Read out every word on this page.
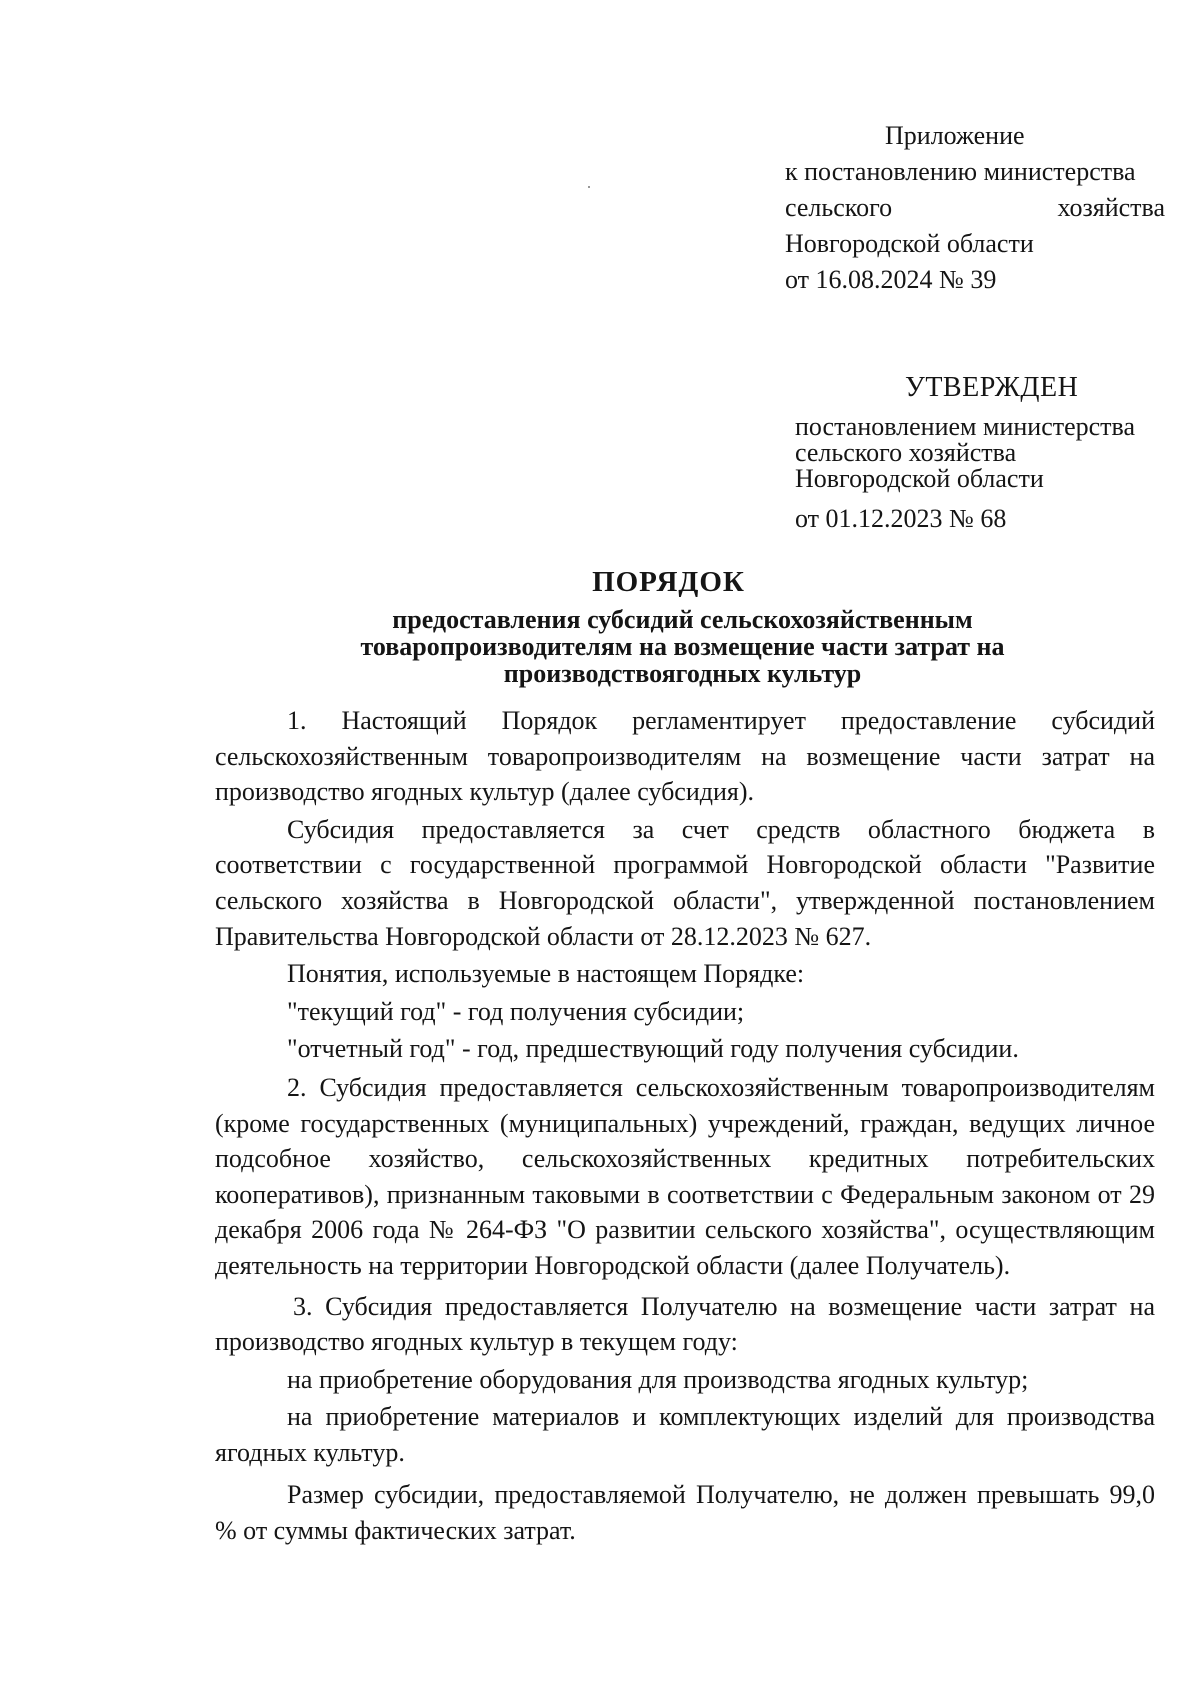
Приложение
к постановлению министерства
сельского	хозяйства
Новгородской области
от 16.08.2024 № 39
УТВЕРЖДЕН
постановлением министерства
сельского хозяйства
Новгородской области
от 01.12.2023 № 68
ПОРЯДОК
предоставления субсидий сельскохозяйственным
товаропроизводителям на возмещение части затрат на
производствоягодных культур

1. Настоящий Порядок регламентирует предоставление субсидий сельскохозяйственным товаропроизводителям на возмещение части затрат на производство ягодных культур (далее субсидия).

Субсидия предоставляется за счет средств областного бюджета в соответствии с государственной программой Новгородской области "Развитие сельского хозяйства в Новгородской области", утвержденной постановлением Правительства Новгородской области от 28.12.2023 № 627.

Понятия, используемые в настоящем Порядке:

"текущий год" - год получения субсидии;

"отчетный год" - год, предшествующий году получения субсидии.

2. Субсидия предоставляется сельскохозяйственным товаропроизводителям (кроме государственных (муниципальных) учреждений, граждан, ведущих личное подсобное хозяйство, сельскохозяйственных кредитных потребительских кооперативов), признанным таковыми в соответствии с Федеральным законом от 29 декабря 2006 года № 264-ФЗ "О развитии сельского хозяйства", осуществляющим деятельность на территории Новгородской области (далее Получатель).

3. Субсидия предоставляется Получателю на возмещение части затрат на производство ягодных культур в текущем году:

на приобретение оборудования для производства ягодных культур;

на приобретение материалов и комплектующих изделий для производства ягодных культур.

Размер субсидии, предоставляемой Получателю, не должен превышать 99,0 % от суммы фактических затрат.
